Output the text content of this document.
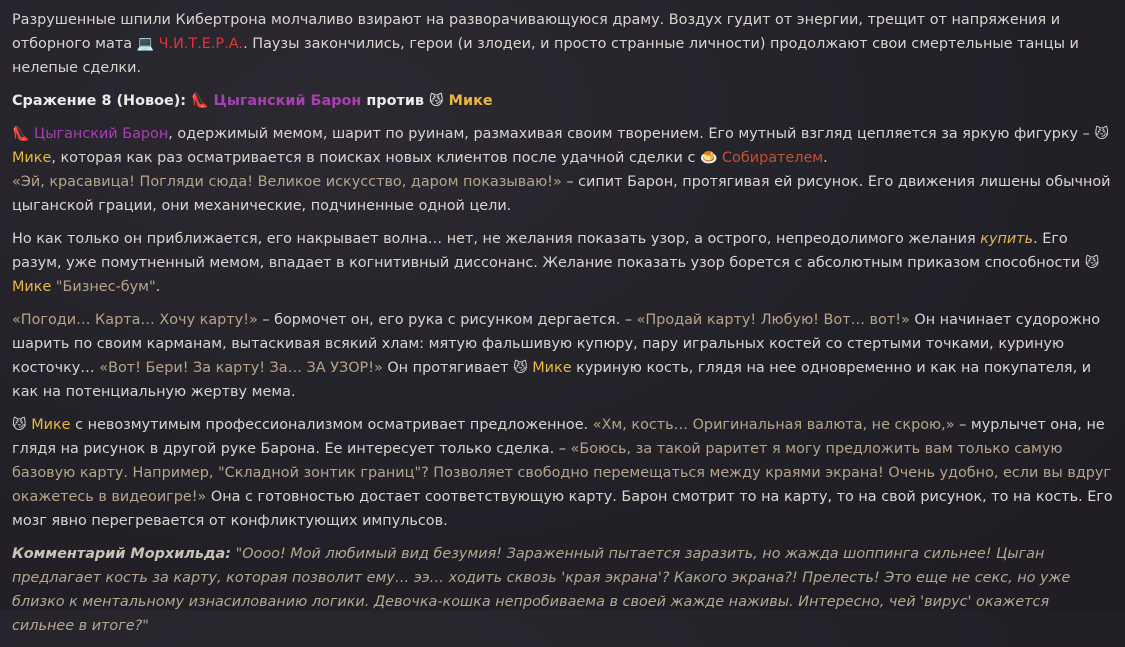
Разрушенные шпили Кибертрона молчаливо взирают на разворачивающуюся драму. Воздух гудит от энергии, трещит от напряжения и отборного мата 💻 Ч.И.Т.Е.Р.А.. Паузы закончились, герои (и злодеи, и просто странные личности) продолжают свои смертельные танцы и нелепые сделки.

Сражение 8 (Новое): 👠 Цыганский Барон против 😼 Мике

👠 Цыганский Барон, одержимый мемом, шарит по руинам, размахивая своим творением. Его мутный взгляд цепляется за яркую фигурку – 😼 Мике, которая как раз осматривается в поисках новых клиентов после удачной сделки с 🍮 Собирателем.
«Эй, красавица! Погляди сюда! Великое искусство, даром показываю!» – сипит Барон, протягивая ей рисунок. Его движения лишены обычной цыганской грации, они механические, подчиненные одной цели.

Но как только он приближается, его накрывает волна… нет, не желания показать узор, а острого, непреодолимого желания купить. Его разум, уже помутненный мемом, впадает в когнитивный диссонанс. Желание показать узор борется с абсолютным приказом способности 😼 Мике "Бизнес-бум".

«Погоди… Карта… Хочу карту!» – бормочет он, его рука с рисунком дергается. – «Продай карту! Любую! Вот… вот!» Он начинает судорожно шарить по своим карманам, вытаскивая всякий хлам: мятую фальшивую купюру, пару игральных костей со стертыми точками, куриную косточку… «Вот! Бери! За карту! За… ЗА УЗОР!» Он протягивает 😼 Мике куриную кость, глядя на нее одновременно и как на покупателя, и как на потенциальную жертву мема.

😼 Мике с невозмутимым профессионализмом осматривает предложенное. «Хм, кость… Оригинальная валюта, не скрою,» – мурлычет она, не глядя на рисунок в другой руке Барона. Ее интересует только сделка. – «Боюсь, за такой раритет я могу предложить вам только самую базовую карту. Например, "Складной зонтик границ"? Позволяет свободно перемещаться между краями экрана! Очень удобно, если вы вдруг окажетесь в видеоигре!» Она с готовностью достает соответствующую карту. Барон смотрит то на карту, то на свой рисунок, то на кость. Его мозг явно перегревается от конфликтующих импульсов.

Комментарий Морхильда: "Оооо! Мой любимый вид безумия! Зараженный пытается заразить, но жажда шоппинга сильнее! Цыган предлагает кость за карту, которая позволит ему… ээ… ходить сквозь 'края экрана'? Какого экрана?! Прелесть! Это еще не секс, но уже близко к ментальному изнасилованию логики. Девочка-кошка непробиваема в своей жажде наживы. Интересно, чей 'вирус' окажется сильнее в итоге?"
